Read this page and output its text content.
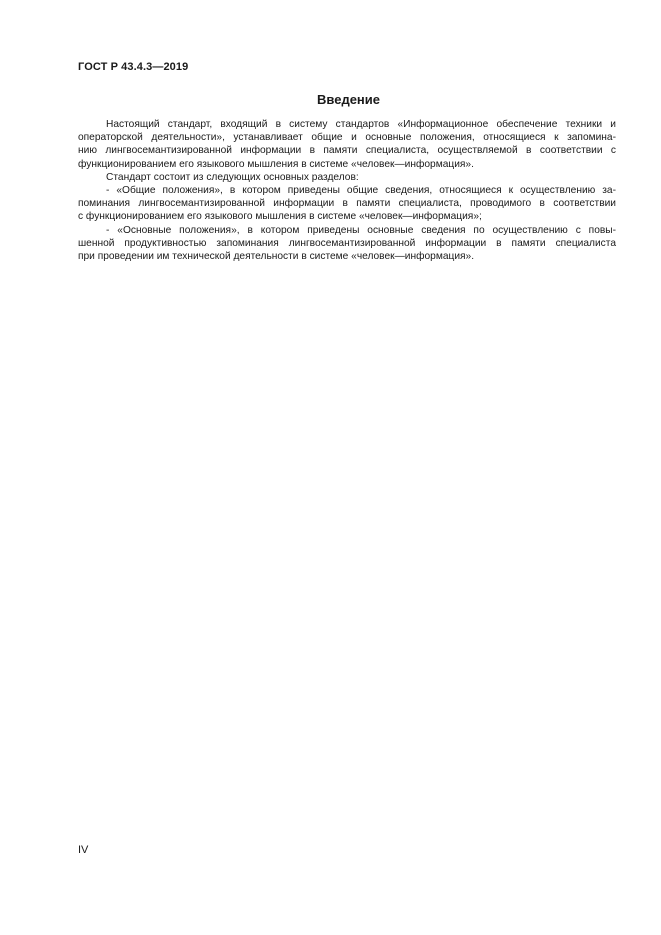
ГОСТ Р 43.4.3—2019
Введение
Настоящий стандарт, входящий в систему стандартов «Информационное обеспечение техники и
операторской деятельности», устанавливает общие и основные положения, относящиеся к запомина-
нию лингвосемантизированной информации в памяти специалиста, осуществляемой в соответствии с
функционированием его языкового мышления в системе «человек—информация».
Стандарт состоит из следующих основных разделов:
- «Общие положения», в котором приведены общие сведения, относящиеся к осуществлению за-
поминания лингвосемантизированной информации в памяти специалиста, проводимого в соответствии
с функционированием его языкового мышления в системе «человек—информация»;
- «Основные положения», в котором приведены основные сведения по осуществлению с повы-
шенной продуктивностью запоминания лингвосемантизированной информации в памяти специалиста
при проведении им технической деятельности в системе «человек—информация».
IV
